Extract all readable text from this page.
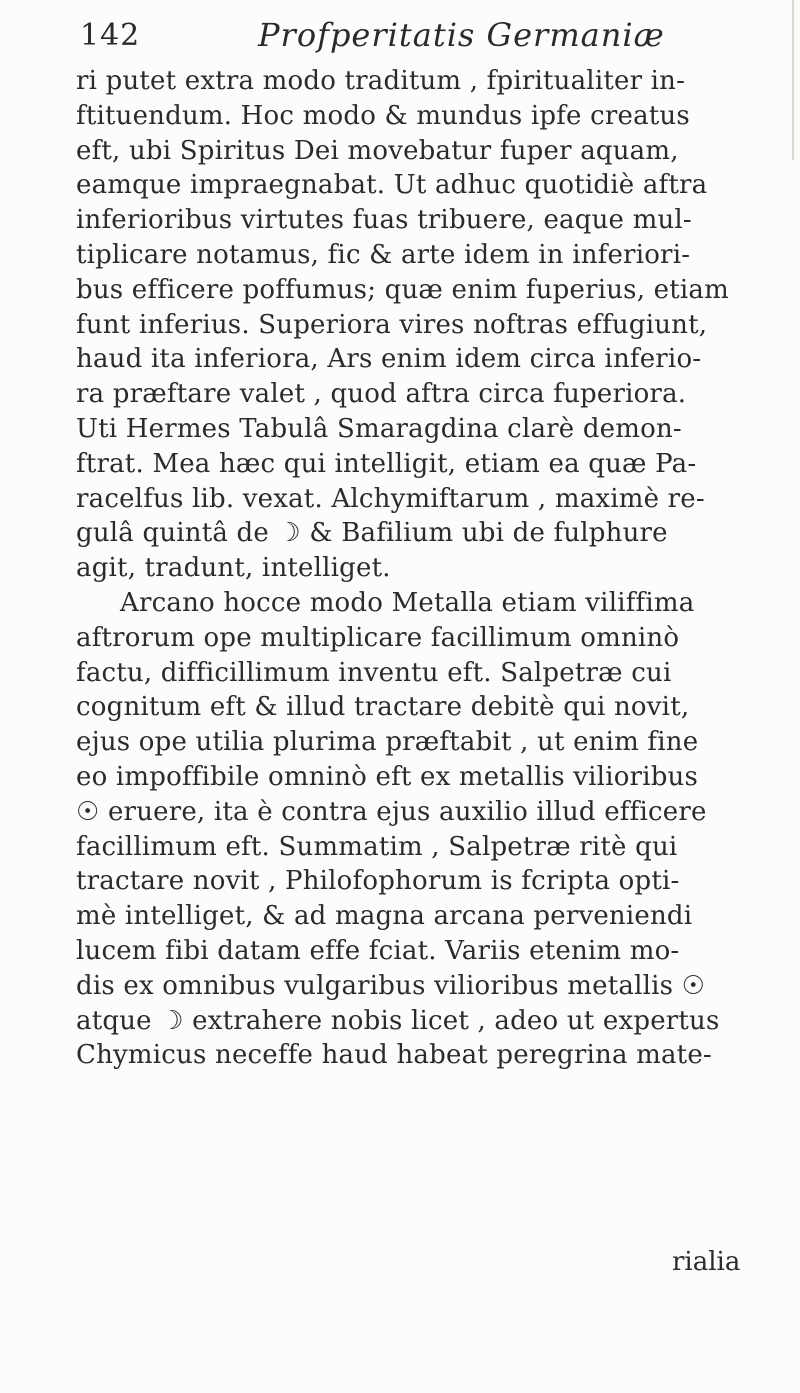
142	Profperitatis Germaniæ
ri putet extra modo traditum , fpiritualiter in-
ftituendum. Hoc modo & mundus ipfe creatus
eft, ubi Spiritus Dei movebatur fuper aquam,
eamque impraegnabat. Ut adhuc quotidiè aftra
inferioribus virtutes fuas tribuere, eaque mul-
tiplicare notamus, fic & arte idem in inferiori-
bus efficere poffumus; quæ enim fuperius, etiam
funt inferius. Superiora vires noftras effugiunt,
haud ita inferiora, Ars enim idem circa inferio-
ra præftare valet , quod aftra circa fuperiora.
Uti Hermes Tabulâ Smaragdina clarè demon-
ftrat. Mea hæc qui intelligit, etiam ea quæ Pa-
racelfus lib. vexat. Alchymiftarum , maximè re-
gulâ quintâ de ☽ & Bafilium ubi de fulphure
agit, tradunt, intelliget.
Arcano hocce modo Metalla etiam viliffima
aftrorum ope multiplicare facillimum omninò
factu, difficillimum inventu eft. Salpetræ cui
cognitum eft & illud tractare debitè qui novit,
ejus ope utilia plurima præftabit , ut enim fine
eo impoffibile omninò eft ex metallis vilioribus
☉ eruere, ita è contra ejus auxilio illud efficere
facillimum eft. Summatim , Salpetræ ritè qui
tractare novit , Philofophorum is fcripta opti-
mè intelliget, & ad magna arcana perveniendi
lucem fibi datam effe fciat. Variis etenim mo-
dis ex omnibus vulgaribus vilioribus metallis ☉
atque ☽ extrahere nobis licet , adeo ut expertus
Chymicus neceffe haud habeat peregrina mate-
rialia
